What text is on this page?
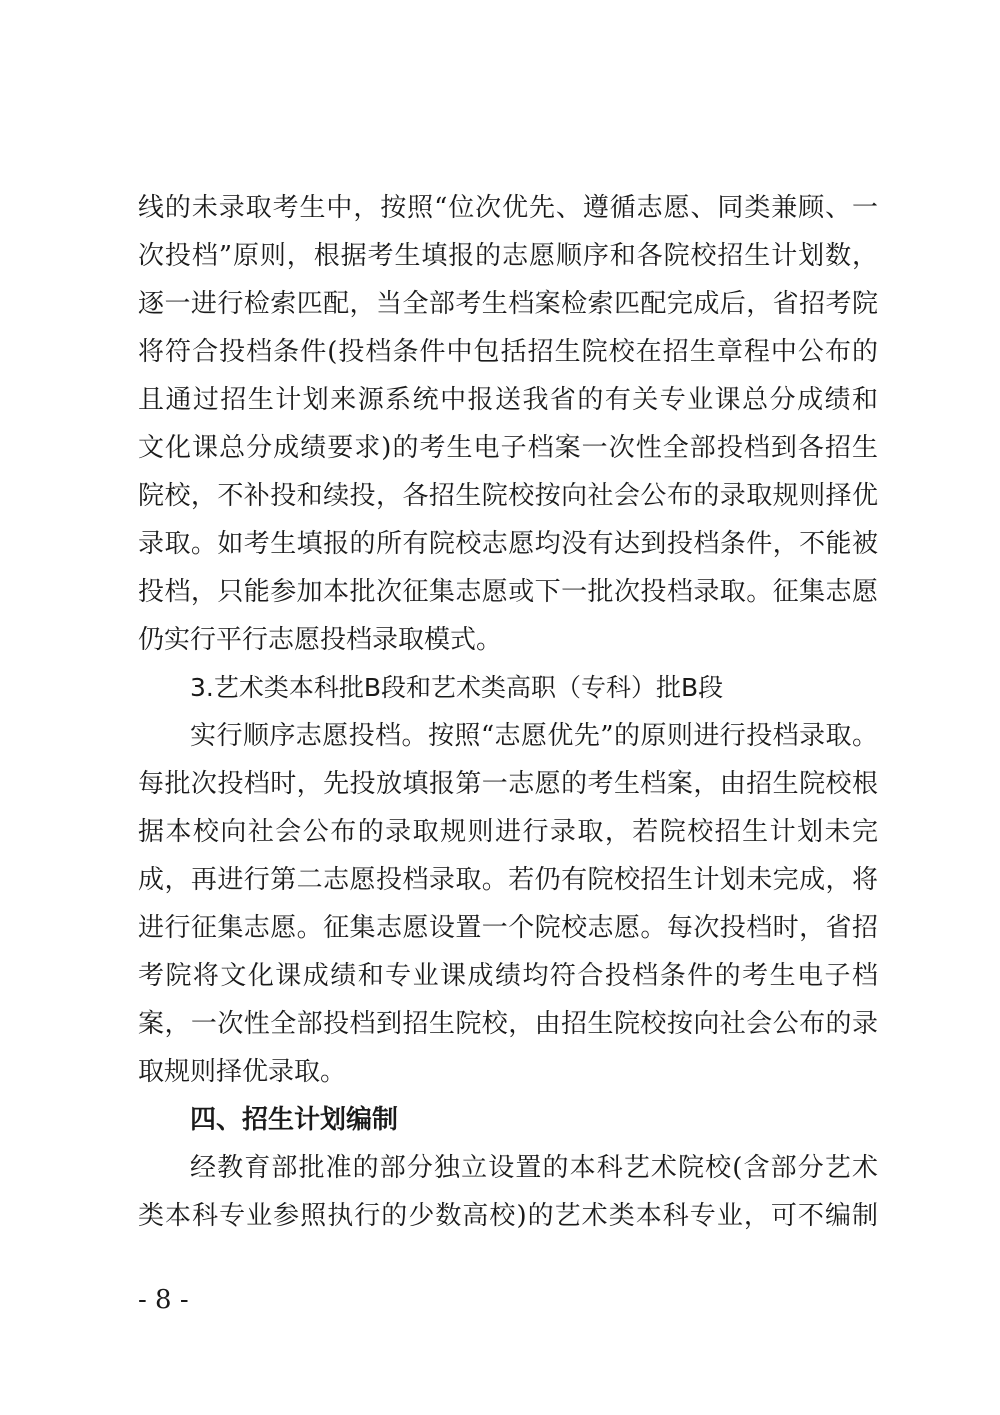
线的未录取考生中，按照“位次优先、遵循志愿、同类兼顾、一
次投档”原则，根据考生填报的志愿顺序和各院校招生计划数，
逐一进行检索匹配，当全部考生档案检索匹配完成后，省招考院
将符合投档条件(投档条件中包括招生院校在招生章程中公布的
且通过招生计划来源系统中报送我省的有关专业课总分成绩和
文化课总分成绩要求)的考生电子档案一次性全部投档到各招生
院校，不补投和续投，各招生院校按向社会公布的录取规则择优
录取。如考生填报的所有院校志愿均没有达到投档条件，不能被
投档，只能参加本批次征集志愿或下一批次投档录取。征集志愿
仍实行平行志愿投档录取模式。
3.艺术类本科批B段和艺术类高职（专科）批B段
实行顺序志愿投档。按照“志愿优先”的原则进行投档录取。
每批次投档时，先投放填报第一志愿的考生档案，由招生院校根
据本校向社会公布的录取规则进行录取，若院校招生计划未完
成，再进行第二志愿投档录取。若仍有院校招生计划未完成，将
进行征集志愿。征集志愿设置一个院校志愿。每次投档时，省招
考院将文化课成绩和专业课成绩均符合投档条件的考生电子档
案，一次性全部投档到招生院校，由招生院校按向社会公布的录
取规则择优录取。
四、招生计划编制
经教育部批准的部分独立设置的本科艺术院校(含部分艺术
类本科专业参照执行的少数高校)的艺术类本科专业，可不编制
- 8 -
